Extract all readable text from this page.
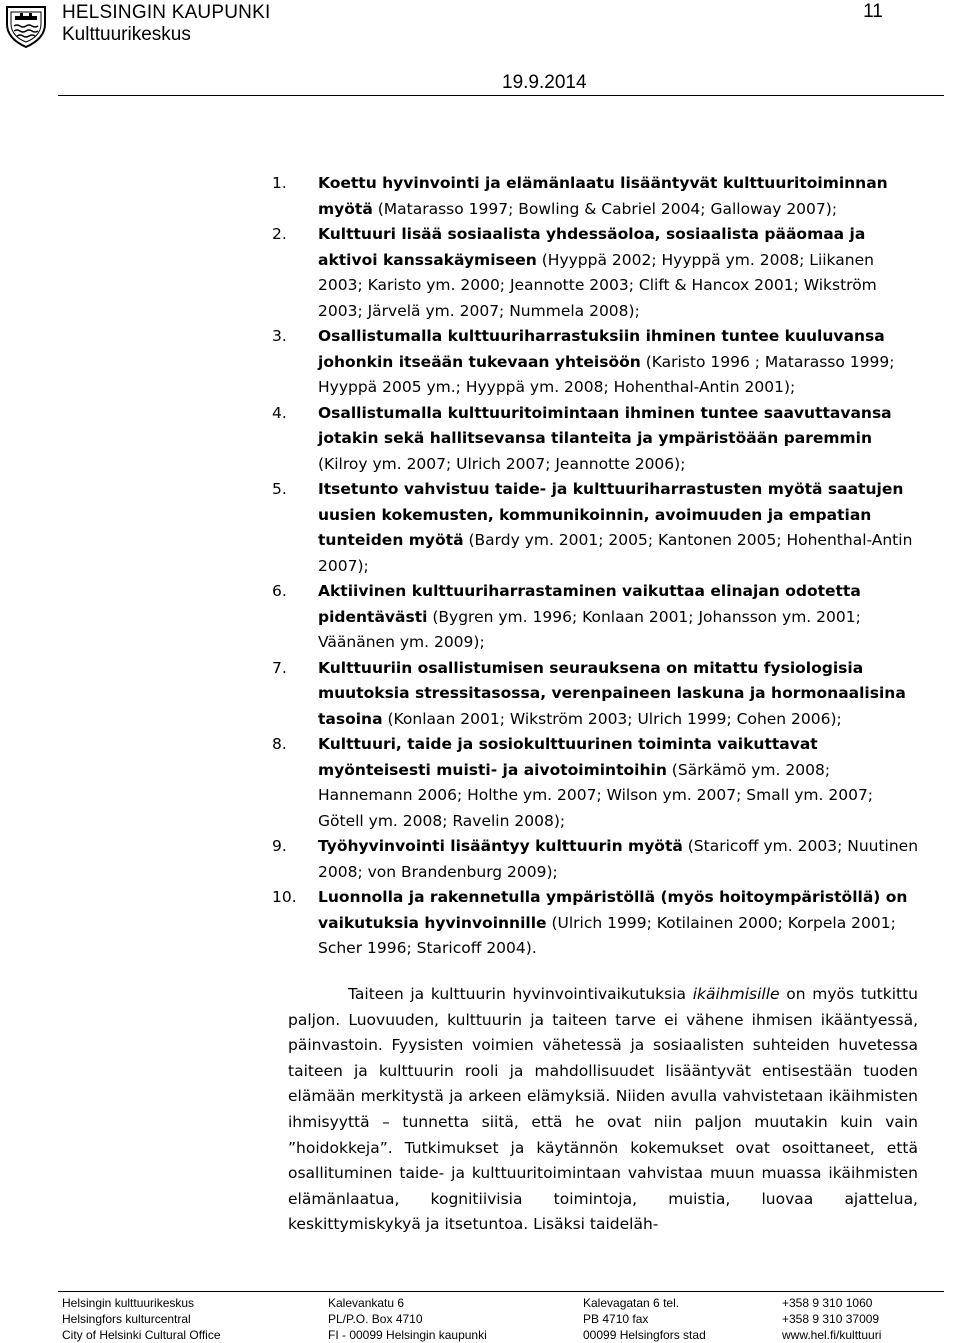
HELSINGIN KAUPUNKI
Kulttuurikeskus
11
19.9.2014
1.	Koettu hyvinvointi ja elämänlaatu lisääntyvät kulttuuritoiminnan myötä (Matarasso 1997; Bowling & Cabriel 2004; Galloway 2007);
2.	Kulttuuri lisää sosiaalista yhdessäoloa, sosiaalista pääomaa ja aktivoi kanssakäymiseen (Hyyppä 2002; Hyyppä ym. 2008; Liikanen 2003; Karisto ym. 2000; Jeannotte 2003; Clift & Hancox 2001; Wikström 2003; Järvelä ym. 2007; Nummela 2008);
3.	Osallistumalla kulttuuriharrastuksiin ihminen tuntee kuuluvansa johonkin itseään tukevaan yhteisöön (Karisto 1996 ; Matarasso 1999; Hyyppä 2005 ym.; Hyyppä ym. 2008; Hohenthal-Antin 2001);
4.	Osallistumalla kulttuuritoimintaan ihminen tuntee saavuttavansa jotakin sekä hallitsevansa tilanteita ja ympäristöään paremmin (Kilroy ym. 2007; Ulrich 2007; Jeannotte 2006);
5.	Itsetunto vahvistuu taide- ja kulttuuriharrastusten myötä saatujen uusien kokemusten, kommunikoinnin, avoimuuden ja empatian tunteiden myötä (Bardy ym. 2001; 2005; Kantonen 2005; Hohenthal-Antin 2007);
6.	Aktiivinen kulttuuriharrastaminen vaikuttaa elinajan odotetta pidentävästi (Bygren ym. 1996; Konlaan 2001; Johansson ym. 2001; Väänänen ym. 2009);
7.	Kulttuuriin osallistumisen seurauksena on mitattu fysiologisia muutoksia stressitasossa, verenpaineen laskuna ja hormonaalisina tasoina (Konlaan 2001; Wikström 2003; Ulrich 1999; Cohen 2006);
8.	Kulttuuri, taide ja sosiokulttuurinen toiminta vaikuttavat myönteisesti muisti- ja aivotoimintoihin (Särkämö ym. 2008; Hannemann 2006; Holthe ym. 2007; Wilson ym. 2007; Small ym. 2007; Götell ym. 2008; Ravelin 2008);
9.	Työhyvinvointi lisääntyy kulttuurin myötä (Staricoff ym. 2003; Nuutinen 2008; von Brandenburg 2009);
10.	Luonnolla ja rakennetulla ympäristöllä (myös hoitoympäristöllä) on vaikutuksia hyvinvoinnille (Ulrich 1999; Kotilainen 2000; Korpela 2001; Scher 1996; Staricoff 2004).

Taiteen ja kulttuurin hyvinvointivaikutuksia ikäihmisille on myös tutkittu paljon. Luovuuden, kulttuurin ja taiteen tarve ei vähene ihmisen ikääntyessä, päinvastoin. Fyysisten voimien vähetessä ja sosiaalisten suhteiden huvetessa taiteen ja kulttuurin rooli ja mahdollisuudet lisääntyvät entisestään tuoden elämään merkitystä ja arkeen elämyksiä. Niiden avulla vahvistetaan ikäihmisten ihmisyyttä – tunnetta siitä, että he ovat niin paljon muutakin kuin vain ”hoidokkeja”. Tutkimukset ja käytännön kokemukset ovat osoittaneet, että osallituminen taide- ja kulttuuritoimintaan vahvistaa muun muassa ikäihmisten elämänlaatua, kognitiivisia toimintoja, muistia, luovaa ajattelua, keskittymiskykyä ja itsetuntoa. Lisäksi taideläh-

Helsingin kulttuurikeskus
Helsingfors kulturcentral
City of Helsinki Cultural Office
Kalevankatu 6
PL/P.O. Box 4710
FI - 00099 Helsingin kaupunki
Kalevagatan 6 tel.
PB 4710 fax
00099 Helsingfors stad
+358 9 310 1060
+358 9 310 37009
www.hel.fi/kulttuuri
